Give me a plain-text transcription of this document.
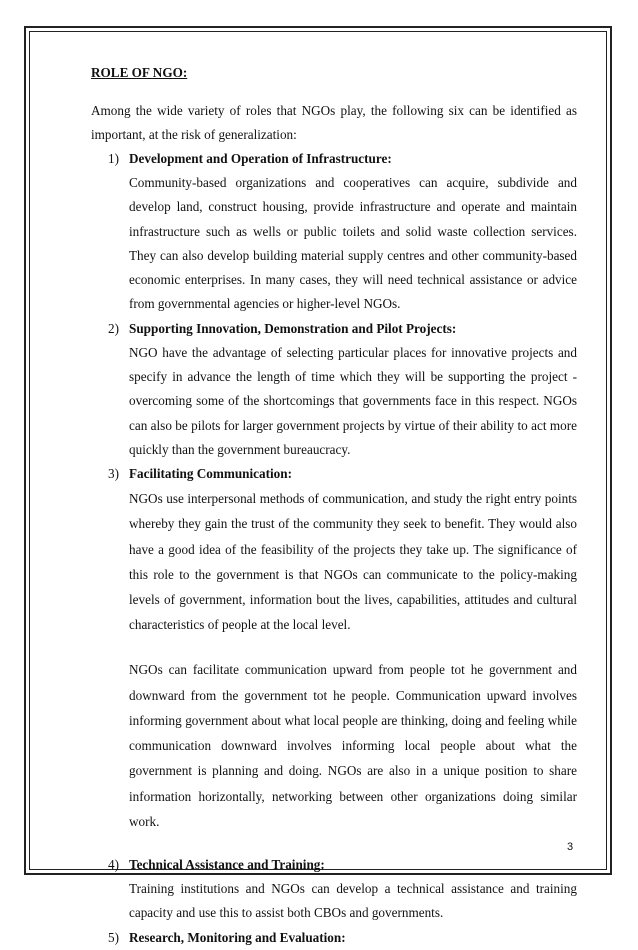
ROLE OF NGO:

Among the wide variety of roles that NGOs play, the following six can be identified as important, at the risk of generalization:

1) Development and Operation of Infrastructure:

Community-based organizations and cooperatives can acquire, subdivide and develop land, construct housing, provide infrastructure and operate and maintain infrastructure such as wells or public toilets and solid waste collection services. They can also develop building material supply centres and other community-based economic enterprises. In many cases, they will need technical assistance or advice from governmental agencies or higher-level NGOs.

2) Supporting Innovation, Demonstration and Pilot Projects:

NGO have the advantage of selecting particular places for innovative projects and specify in advance the length of time which they will be supporting the project - overcoming some of the shortcomings that governments face in this respect. NGOs can also be pilots for larger government projects by virtue of their ability to act more quickly than the government bureaucracy.

3) Facilitating Communication:

NGOs use interpersonal methods of communication, and study the right entry points whereby they gain the trust of the community they seek to benefit. They would also have a good idea of the feasibility of the projects they take up. The significance of this role to the government is that NGOs can communicate to the policy-making levels of government, information bout the lives, capabilities, attitudes and cultural characteristics of people at the local level.

NGOs can facilitate communication upward from people tot he government and downward from the government tot he people. Communication upward involves informing government about what local people are thinking, doing and feeling while communication downward involves informing local people about what the government is planning and doing. NGOs are also in a unique position to share information horizontally, networking between other organizations doing similar work.

4) Technical Assistance and Training:

Training institutions and NGOs can develop a technical assistance and training capacity and use this to assist both CBOs and governments.

5) Research, Monitoring and Evaluation:
3
